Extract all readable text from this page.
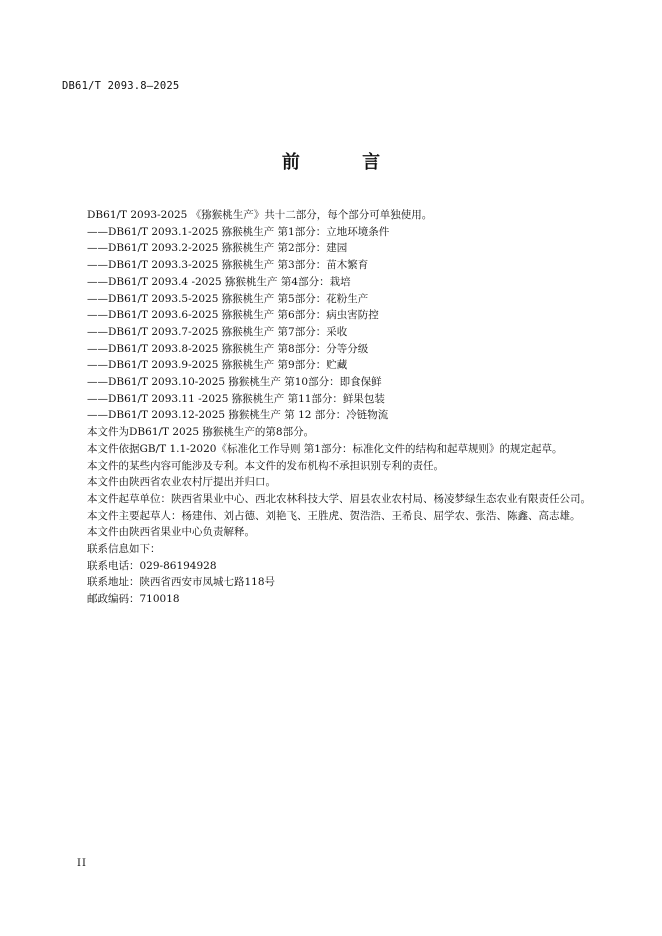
DB61/T 2093.8—2025
前 言

DB61/T 2093-2025 《猕猴桃生产》共十二部分，每个部分可单独使用。

——DB61/T 2093.1-2025 猕猴桃生产 第1部分：立地环境条件

——DB61/T 2093.2-2025 猕猴桃生产 第2部分：建园

——DB61/T 2093.3-2025 猕猴桃生产 第3部分：苗木繁育

——DB61/T 2093.4 -2025 猕猴桃生产 第4部分：栽培

——DB61/T 2093.5-2025 猕猴桃生产 第5部分：花粉生产

——DB61/T 2093.6-2025 猕猴桃生产 第6部分：病虫害防控

——DB61/T 2093.7-2025 猕猴桃生产 第7部分：采收

——DB61/T 2093.8-2025 猕猴桃生产 第8部分：分等分级

——DB61/T 2093.9-2025 猕猴桃生产 第9部分：贮藏

——DB61/T 2093.10-2025 猕猴桃生产 第10部分：即食保鲜

——DB61/T 2093.11 -2025 猕猴桃生产 第11部分：鲜果包装

——DB61/T 2093.12-2025 猕猴桃生产 第 12 部分：冷链物流

本文件为DB61/T 2025 猕猴桃生产的第8部分。

本文件依据GB/T 1.1-2020《标准化工作导则 第1部分：标准化文件的结构和起草规则》的规定起草。

本文件的某些内容可能涉及专利。本文件的发布机构不承担识别专利的责任。

本文件由陕西省农业农村厅提出并归口。

本文件起草单位：陕西省果业中心、西北农林科技大学、眉县农业农村局、杨凌梦绿生态农业有限责任公司。

本文件主要起草人：杨建伟、刘占德、刘艳飞、王胜虎、贺浩浩、王希良、屈学农、张浩、陈鑫、高志雄。

本文件由陕西省果业中心负责解释。

联系信息如下：

联系电话：029-86194928

联系地址：陕西省西安市凤城七路118号

邮政编码：710018

II
